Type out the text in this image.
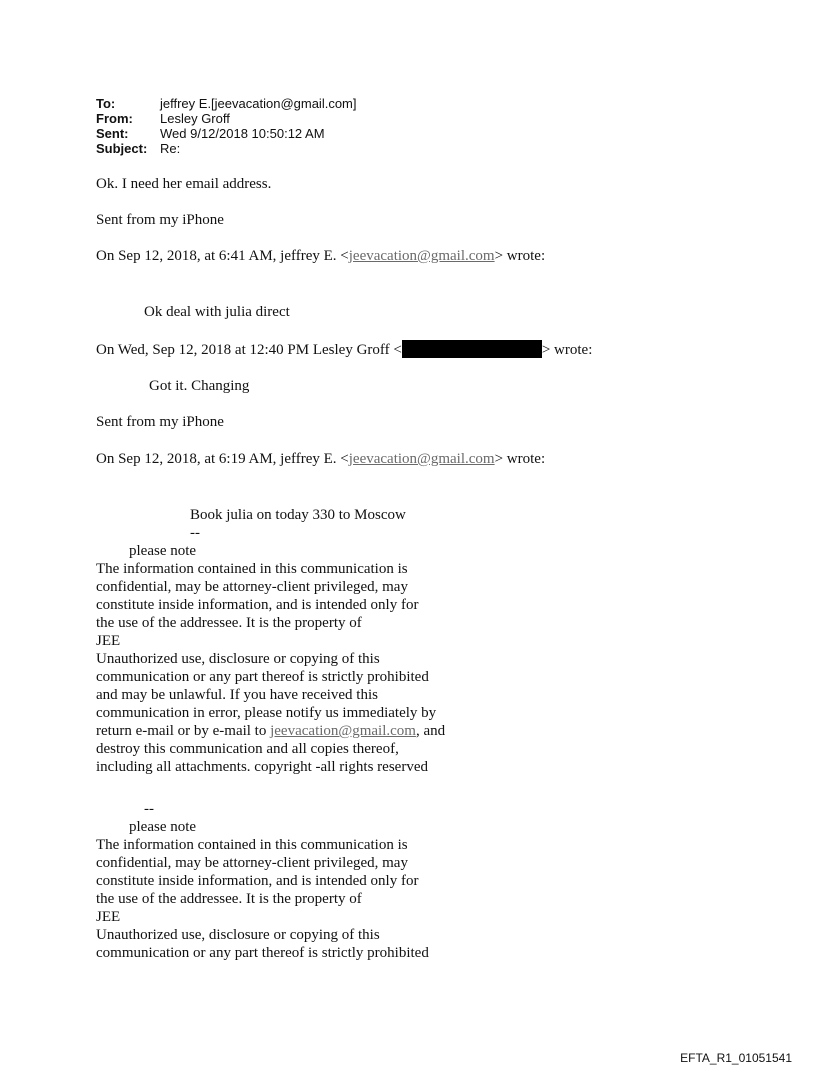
To:	jeffrey E.[jeevacation@gmail.com]
From:	Lesley Groff
Sent:	Wed 9/12/2018 10:50:12 AM
Subject: Re:

Ok. I need her email address.

Sent from my iPhone

On Sep 12, 2018, at 6:41 AM, jeffrey E. <jeevacation@gmail.com> wrote:

Ok deal with julia direct

On Wed, Sep 12, 2018 at 12:40 PM Lesley Groff <	> wrote:

Got it. Changing

Sent from my iPhone

On Sep 12, 2018, at 6:19 AM, jeffrey E. <jeevacation@gmail.com> wrote:

Book julia on today 330 to Moscow

--

please note

The information contained in this communication is
confidential, may be attorney-client privileged, may
constitute inside information, and is intended only for
the use of the addressee. It is the property of
JEE
Unauthorized use, disclosure or copying of this
communication or any part thereof is strictly prohibited
and may be unlawful. If you have received this
communication in error, please notify us immediately by
return e-mail or by e-mail to jeevacation@gmail.com, and
destroy this communication and all copies thereof,
including all attachments. copyright -all rights reserved

--

please note

The information contained in this communication is
confidential, may be attorney-client privileged, may
constitute inside information, and is intended only for
the use of the addressee. It is the property of
JEE
Unauthorized use, disclosure or copying of this
communication or any part thereof is strictly prohibited
EFTA_R1_01051541
